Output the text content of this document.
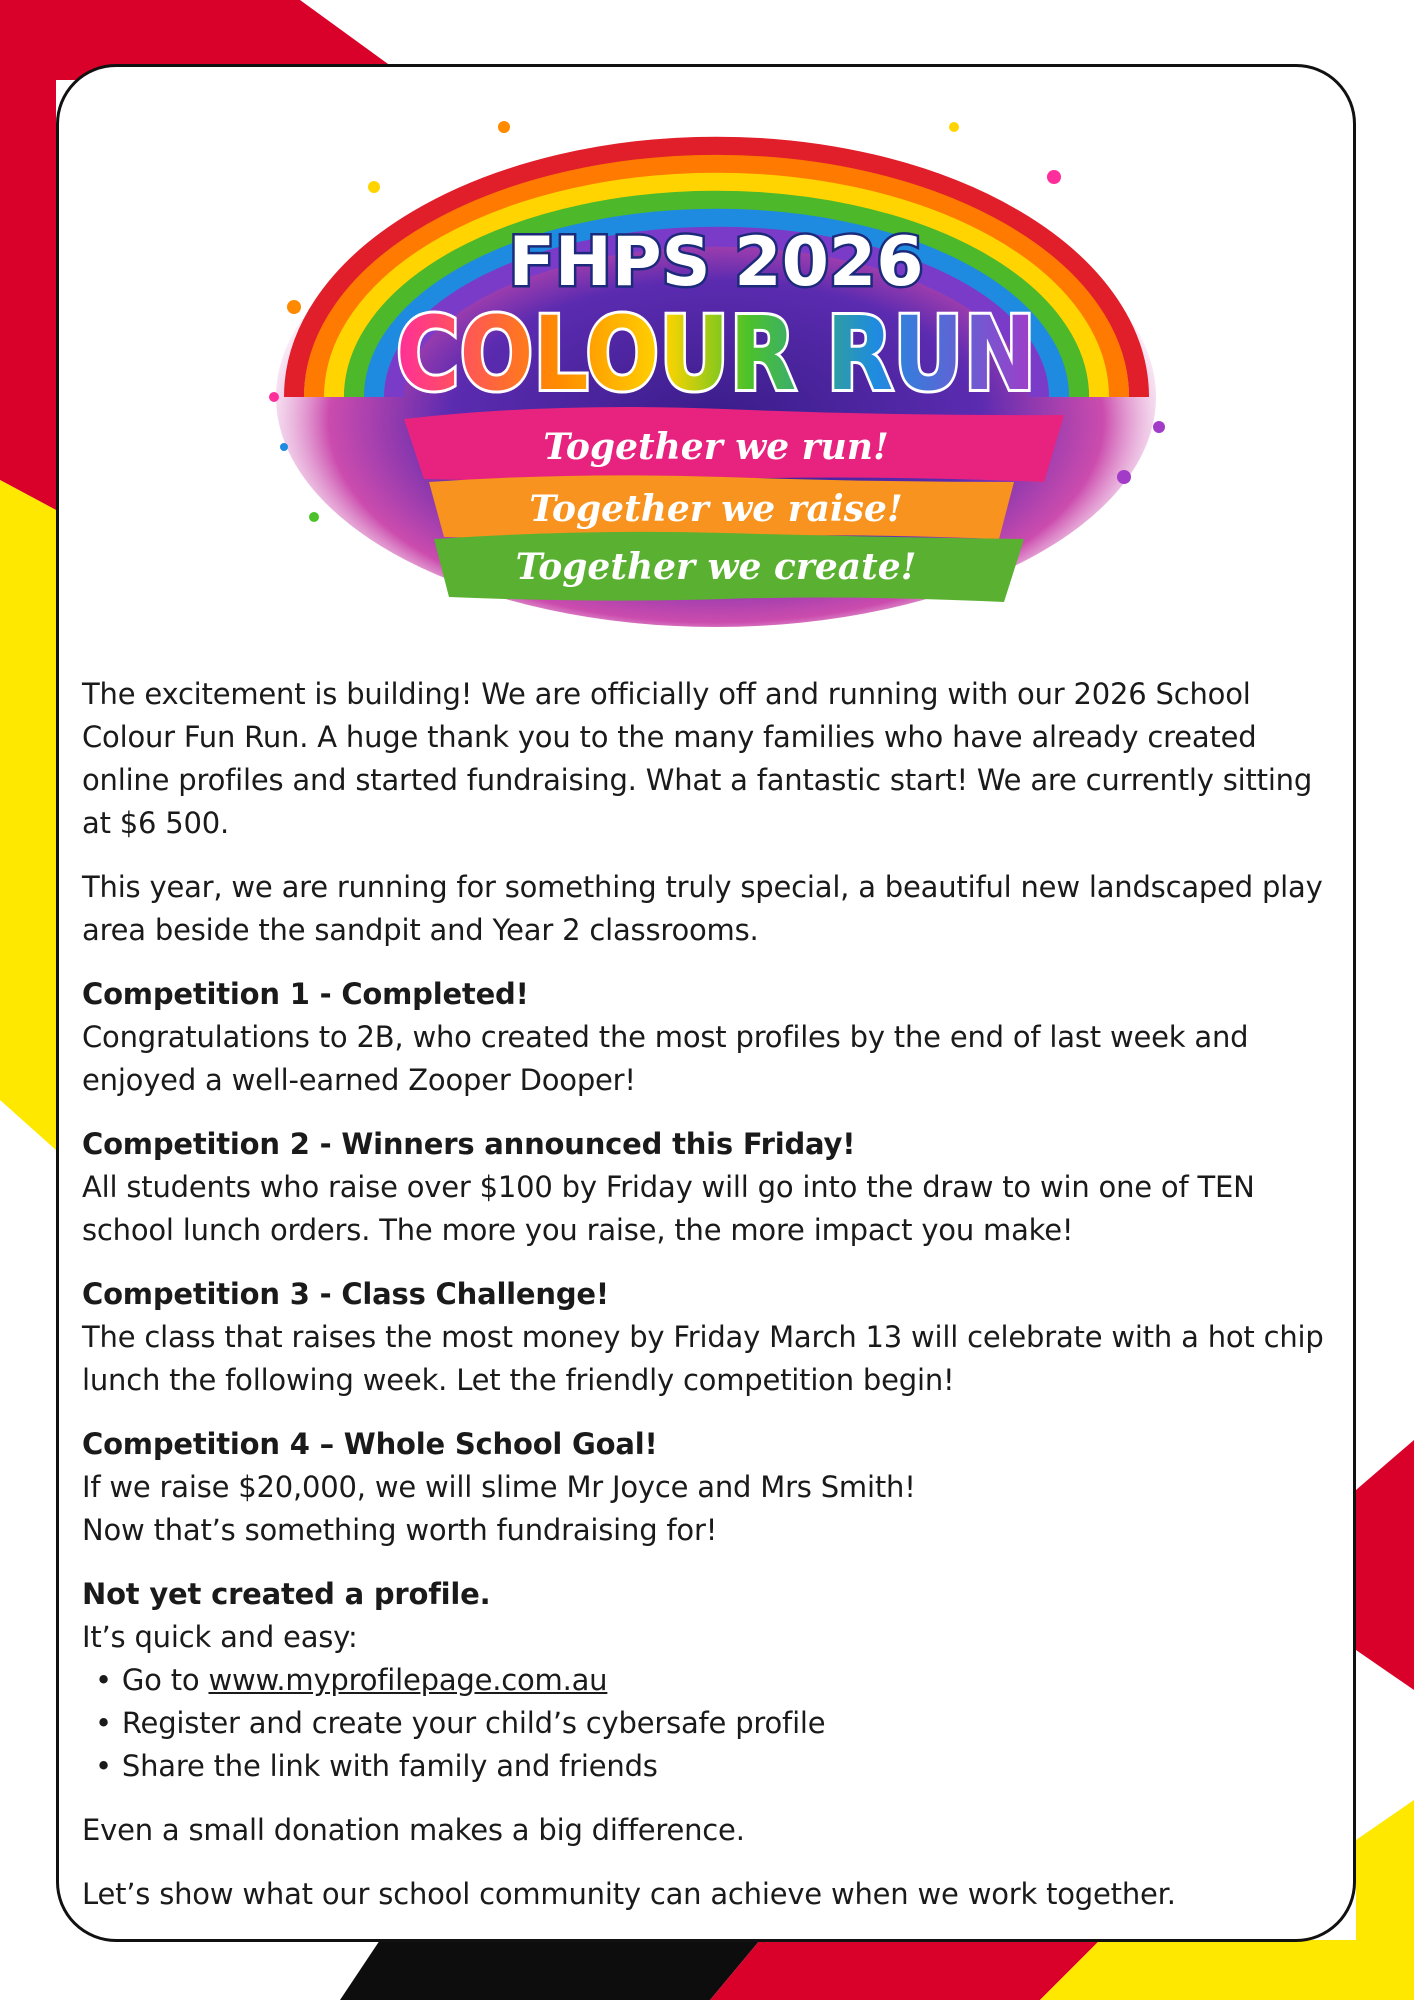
FHPS 2026
COLOUR RUN
Together we run!
Together we raise!
Together we create!

The excitement is building! We are officially off and running with our 2026 School Colour Fun Run. A huge thank you to the many families who have already created online profiles and started fundraising. What a fantastic start! We are currently sitting at $6 500.

This year, we are running for something truly special, a beautiful new landscaped play area beside the sandpit and Year 2 classrooms.

Competition 1 - Completed!
Congratulations to 2B, who created the most profiles by the end of last week and enjoyed a well-earned Zooper Dooper!

Competition 2 - Winners announced this Friday!
All students who raise over $100 by Friday will go into the draw to win one of TEN school lunch orders. The more you raise, the more impact you make!

Competition 3 - Class Challenge!
The class that raises the most money by Friday March 13 will celebrate with a hot chip lunch the following week. Let the friendly competition begin!

Competition 4 – Whole School Goal!
If we raise $20,000, we will slime Mr Joyce and Mrs Smith!
Now that’s something worth fundraising for!

Not yet created a profile.
It’s quick and easy:
• Go to www.myprofilepage.com.au
• Register and create your child’s cybersafe profile
• Share the link with family and friends

Even a small donation makes a big difference.

Let’s show what our school community can achieve when we work together.
